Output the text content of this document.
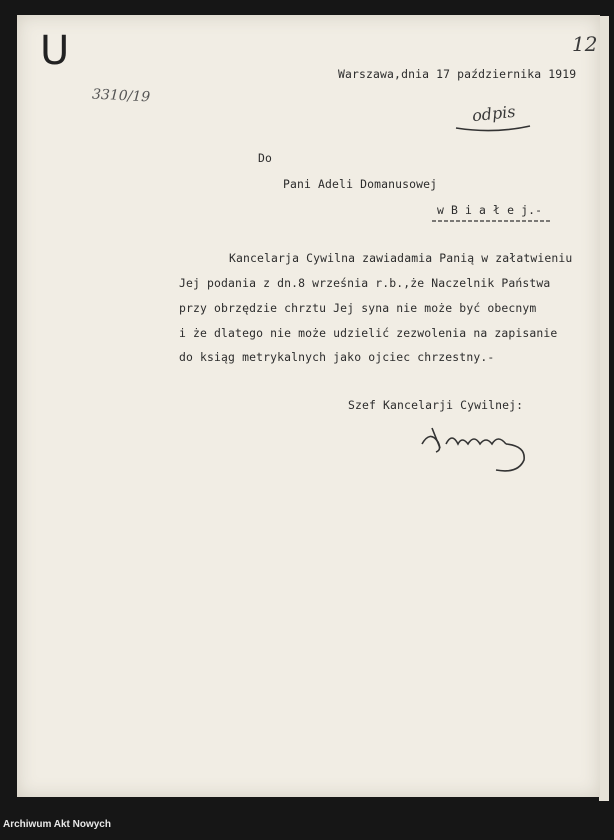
U	12
3310/19
odpis
Warszawa,dnia 17 października 1919
Do
Pani Adeli Domanusowej
w B i a ł e j.-
Kancelarja Cywilna zawiadamia Panią w załatwieniu
Jej podania z dn.8 września r.b.,że Naczelnik Państwa
przy obrzędzie chrztu Jej syna nie może być obecnym
i że dlatego nie może udzielić zezwolenia na zapisanie
do ksiąg metrykalnych jako ojciec chrzestny.-
Szef Kancelarji Cywilnej:
Archiwum Akt Nowych
